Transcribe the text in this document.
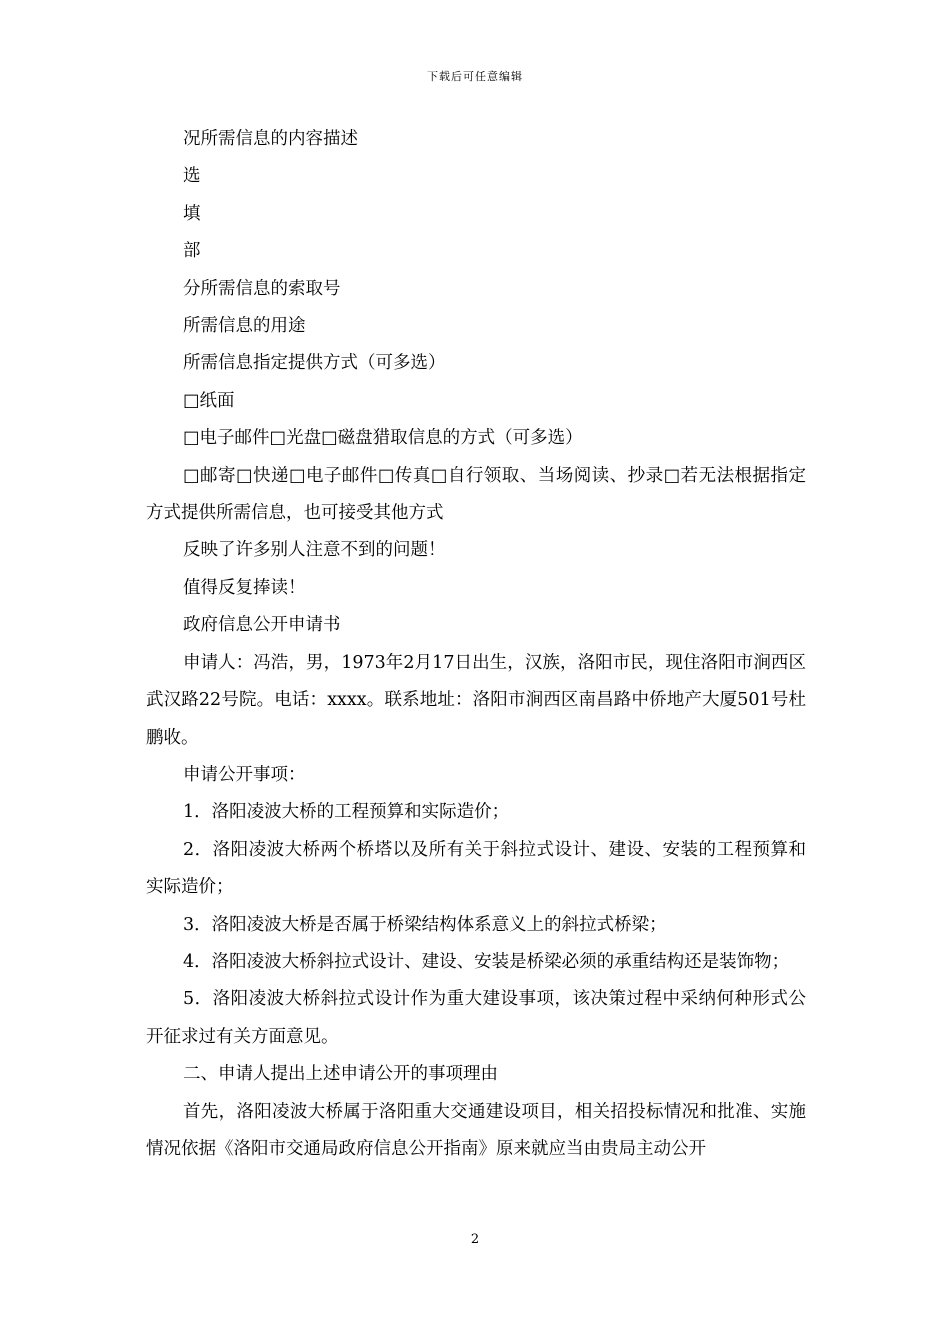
下载后可任意编辑

况所需信息的内容描述

选

填

部

分所需信息的索取号

所需信息的用途

所需信息指定提供方式（可多选）

□纸面

□电子邮件□光盘□磁盘猎取信息的方式（可多选）

□邮寄□快递□电子邮件□传真□自行领取、当场阅读、抄录□若无法根据指定方式提供所需信息，也可接受其他方式

反映了许多别人注意不到的问题！

值得反复捧读！

政府信息公开申请书

申请人：冯浩，男，1973年2月17日出生，汉族，洛阳市民，现住洛阳市涧西区武汉路22号院。电话：xxxx。联系地址：洛阳市涧西区南昌路中侨地产大厦501号杜鹏收。

申请公开事项：

1．洛阳凌波大桥的工程预算和实际造价；

2．洛阳凌波大桥两个桥塔以及所有关于斜拉式设计、建设、安装的工程预算和实际造价；

3．洛阳凌波大桥是否属于桥梁结构体系意义上的斜拉式桥梁；

4．洛阳凌波大桥斜拉式设计、建设、安装是桥梁必须的承重结构还是装饰物；

5．洛阳凌波大桥斜拉式设计作为重大建设事项，该决策过程中采纳何种形式公开征求过有关方面意见。

二、申请人提出上述申请公开的事项理由

首先，洛阳凌波大桥属于洛阳重大交通建设项目，相关招投标情况和批准、实施情况依据《洛阳市交通局政府信息公开指南》原来就应当由贵局主动公开

2
